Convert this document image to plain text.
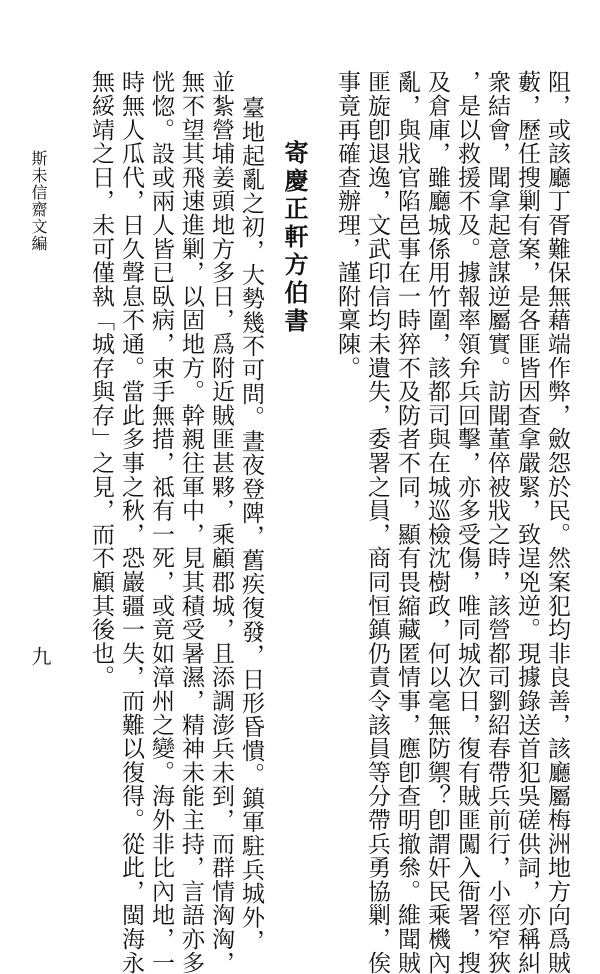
阻，或該廳丁胥難保無藉端作弊，斂怨於民。然案犯均非良善，該廳屬梅洲地方向爲賊
藪，歷任搜剿有案，是各匪皆因查拿嚴緊，致逞兇逆。現據錄送首犯吳磋供詞，亦稱糾
衆結會，聞拿起意謀逆屬實。訪聞董倅被戕之時，該營都司劉紹春帶兵前行，小徑窄狹
，是以救援不及。據報率領弁兵回擊，亦多受傷，唯同城次日，復有賊匪闖入衙署，搜
及倉庫，雖廳城係用竹圍，該都司與在城巡檢沈樹政，何以毫無防禦？卽謂奸民乘機內
亂，與戕官陷邑事在一時猝不及防者不同，顯有畏縮藏匿情事，應卽查明撤叅。維聞賊
匪旋卽退逸，文武印信均未遺失，委署之員，商同恒鎮仍責令該員等分帶兵勇協剿，俟
事竟再確查辦理，謹附稟陳。
寄慶正軒方伯書
臺地起亂之初，大勢幾不可問。晝夜登陴，舊疾復發，日形昏憒。鎮軍駐兵城外，
並紮營埔姜頭地方多日，爲附近賊匪甚夥，乘顧郡城，且添調澎兵未到，而群情洶洶，
無不望其飛速進剿，以固地方。幹親往軍中，見其積受暑濕，精神未能主持，言語亦多
恍惚。設或兩人皆已臥病，束手無措，祗有一死，或竟如漳州之變。海外非比內地，一
時無人瓜代，日久聲息不通。當此多事之秋，恐巖疆一失，而難以復得。從此，閩海永
無綏靖之日，未可僅執「城存與存」之見，而不顧其後也。
斯未信齋文編
九
